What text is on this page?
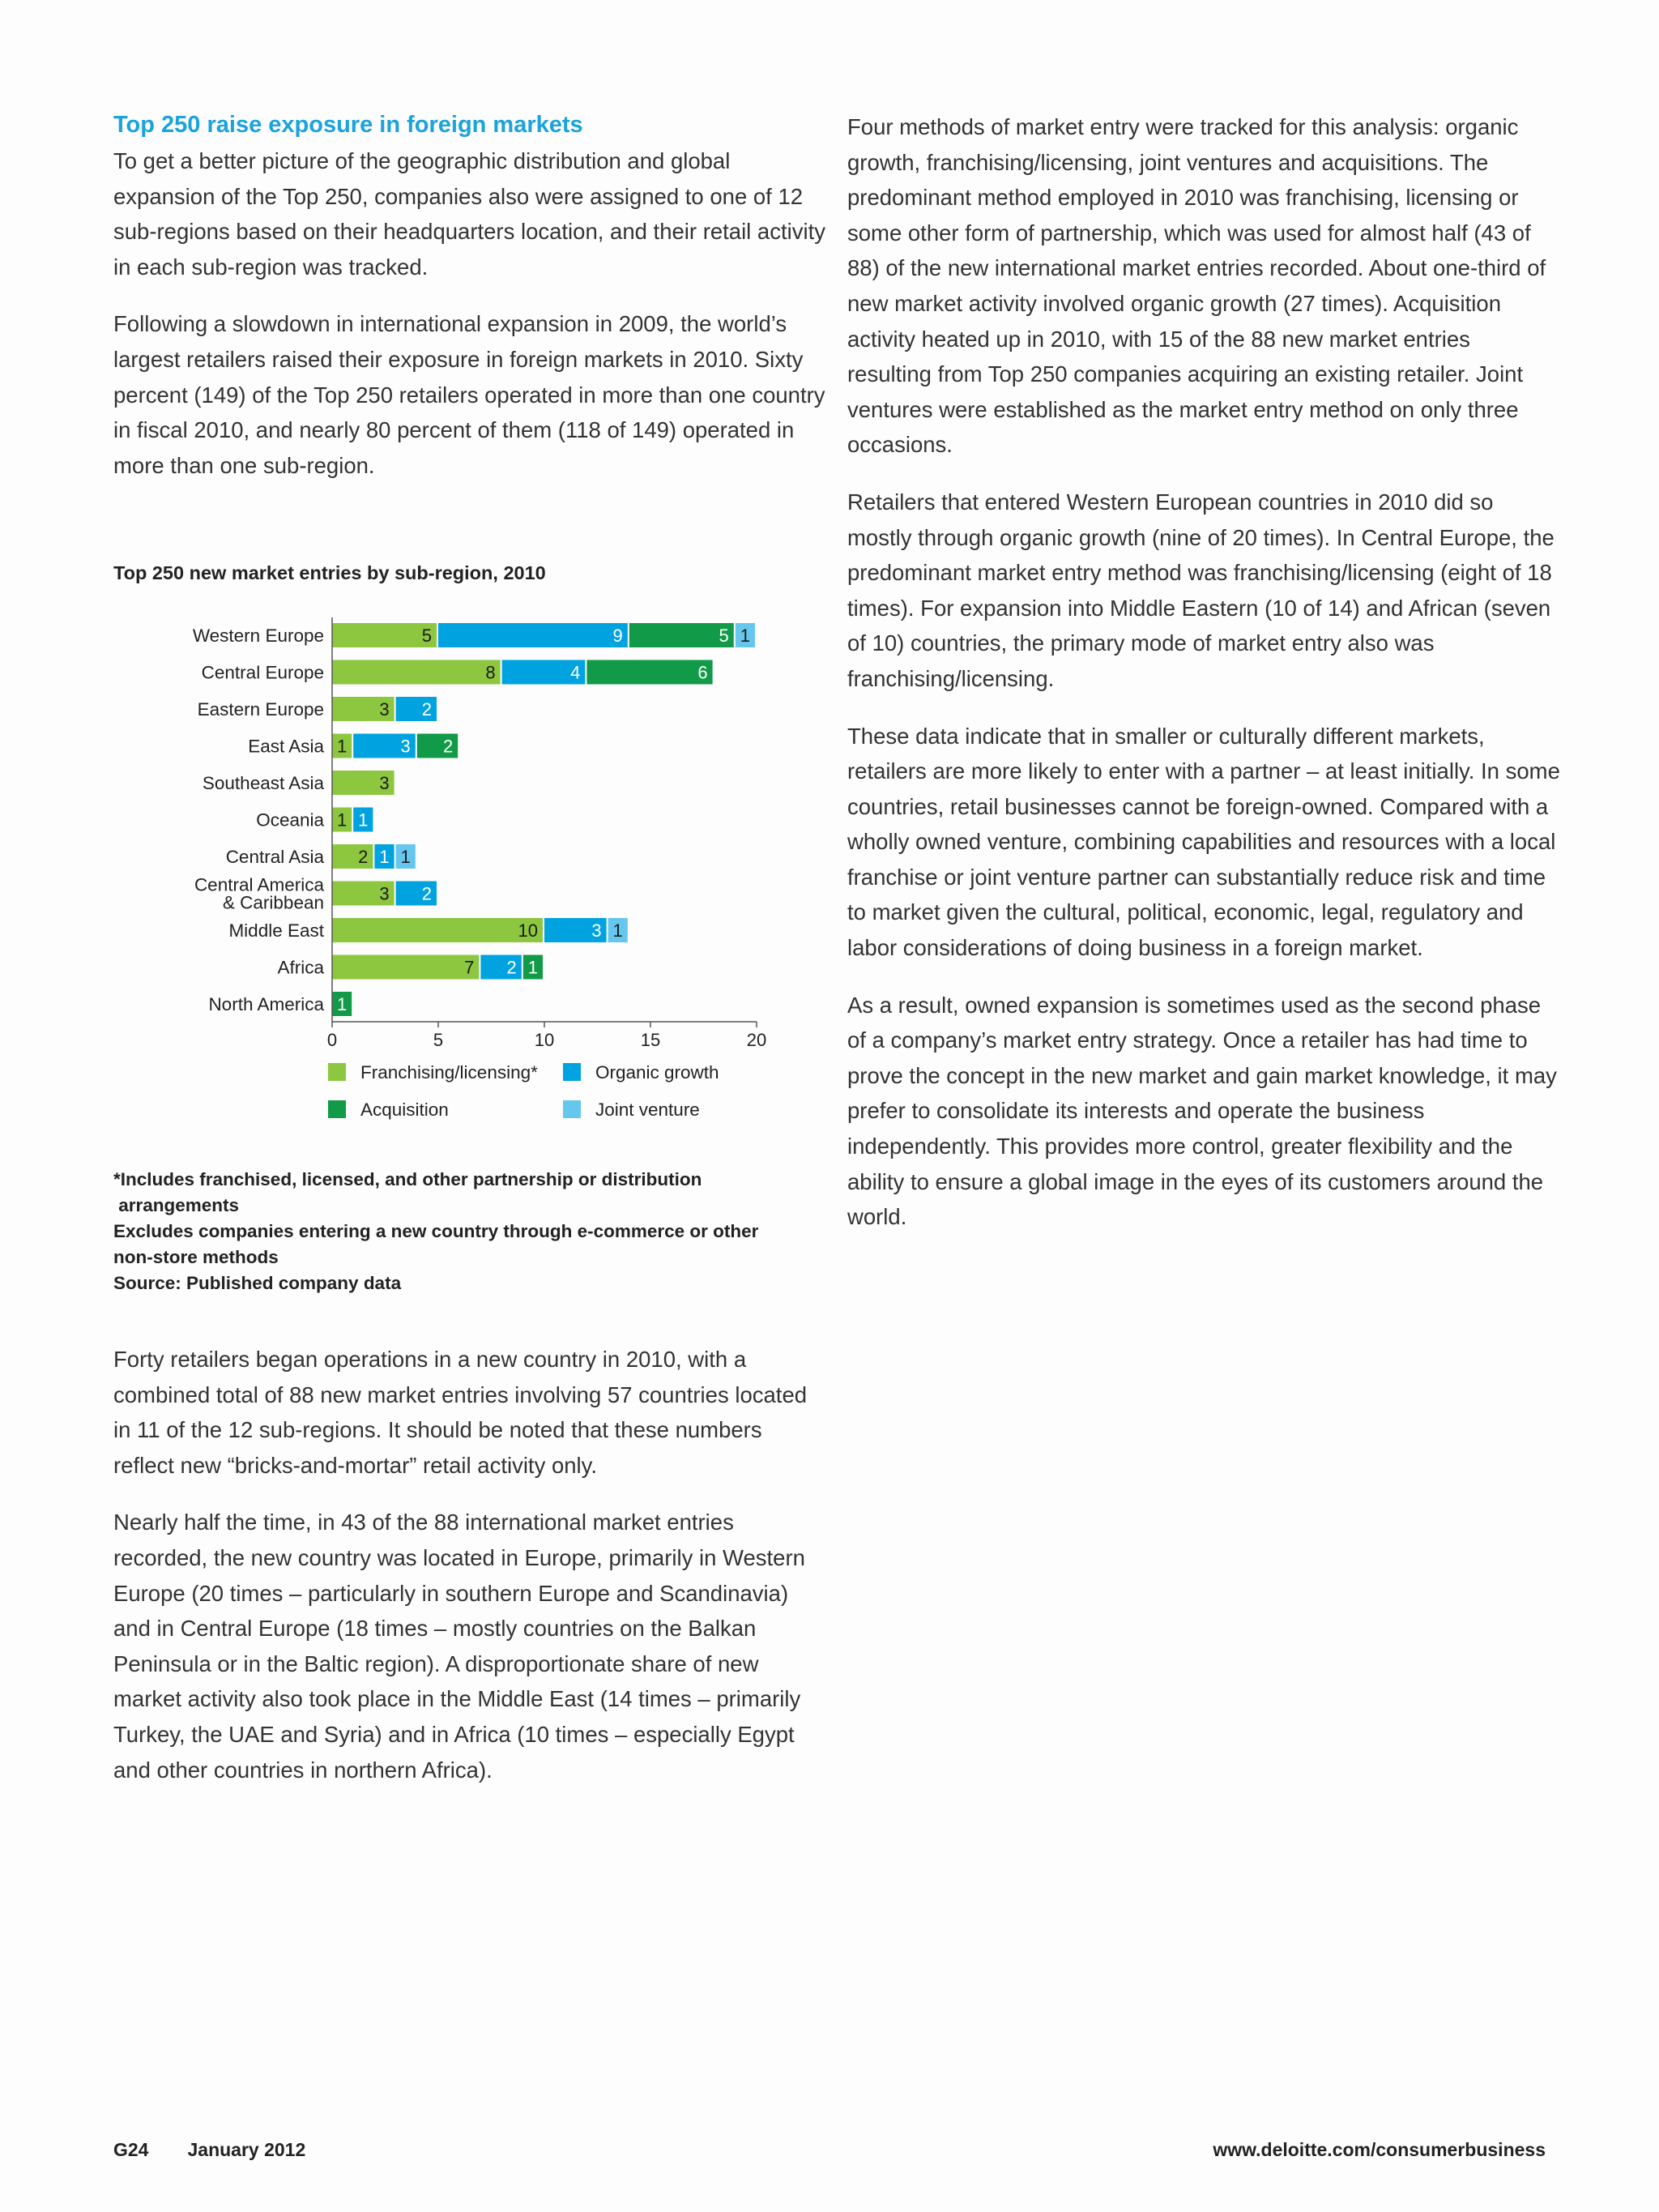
Top 250 raise exposure in foreign markets

To get a better picture of the geographic distribution and global expansion of the Top 250, companies also were assigned to one of 12 sub-regions based on their headquarters location, and their retail activity in each sub-region was tracked.

Following a slowdown in international expansion in 2009, the world’s largest retailers raised their exposure in foreign markets in 2010. Sixty percent (149) of the Top 250 retailers operated in more than one country in fiscal 2010, and nearly 80 percent of them (118 of 149) operated in more than one sub-region.

Top 250 new market entries by sub-region, 2010
Western Europe	5	9	5 1
Central Europe	8	4	6
Eastern Europe	3 2
East Asia 1	3 2
Southeast Asia	3
Oceania 1 1
Central Asia 2 1 1
Central America
& Caribbean	3 2
Middle East	10	3 1
Africa	7 2 1
North America 1
0	5	10	15	20
Franchising/licensing*	Organic growth
Acquisition	Joint venture
*Includes franchised, licensed, and other partnership or distribution
arrangements
Excludes companies entering a new country through e-commerce or other
non-store methods
Source: Published company data

Forty retailers began operations in a new country in 2010, with a combined total of 88 new market entries involving 57 countries located in 11 of the 12 sub-regions. It should be noted that these numbers reflect new “bricks-and-mortar” retail activity only.

Nearly half the time, in 43 of the 88 international market entries recorded, the new country was located in Europe, primarily in Western Europe (20 times – particularly in southern Europe and Scandinavia) and in Central Europe (18 times – mostly countries on the Balkan Peninsula or in the Baltic region). A disproportionate share of new market activity also took place in the Middle East (14 times – primarily Turkey, the UAE and Syria) and in Africa (10 times – especially Egypt and other countries in northern Africa).

Four methods of market entry were tracked for this analysis: organic growth, franchising/licensing, joint ventures and acquisitions. The predominant method employed in 2010 was franchising, licensing or some other form of partnership, which was used for almost half (43 of 88) of the new international market entries recorded. About one-third of new market activity involved organic growth (27 times). Acquisition activity heated up in 2010, with 15 of the 88 new market entries resulting from Top 250 companies acquiring an existing retailer. Joint ventures were established as the market entry method on only three occasions.

Retailers that entered Western European countries in 2010 did so mostly through organic growth (nine of 20 times). In Central Europe, the predominant market entry method was franchising/licensing (eight of 18 times). For expansion into Middle Eastern (10 of 14) and African (seven of 10) countries, the primary mode of market entry also was franchising/licensing.

These data indicate that in smaller or culturally different markets, retailers are more likely to enter with a partner – at least initially. In some countries, retail businesses cannot be foreign-owned. Compared with a wholly owned venture, combining capabilities and resources with a local franchise or joint venture partner can substantially reduce risk and time to market given the cultural, political, economic, legal, regulatory and labor considerations of doing business in a foreign market.

As a result, owned expansion is sometimes used as the second phase of a company’s market entry strategy. Once a retailer has had time to prove the concept in the new market and gain market knowledge, it may prefer to consolidate its interests and operate the business independently. This provides more control, greater flexibility and the ability to ensure a global image in the eyes of its customers around the world.

G24 January 2012	www.deloitte.com/consumerbusiness
